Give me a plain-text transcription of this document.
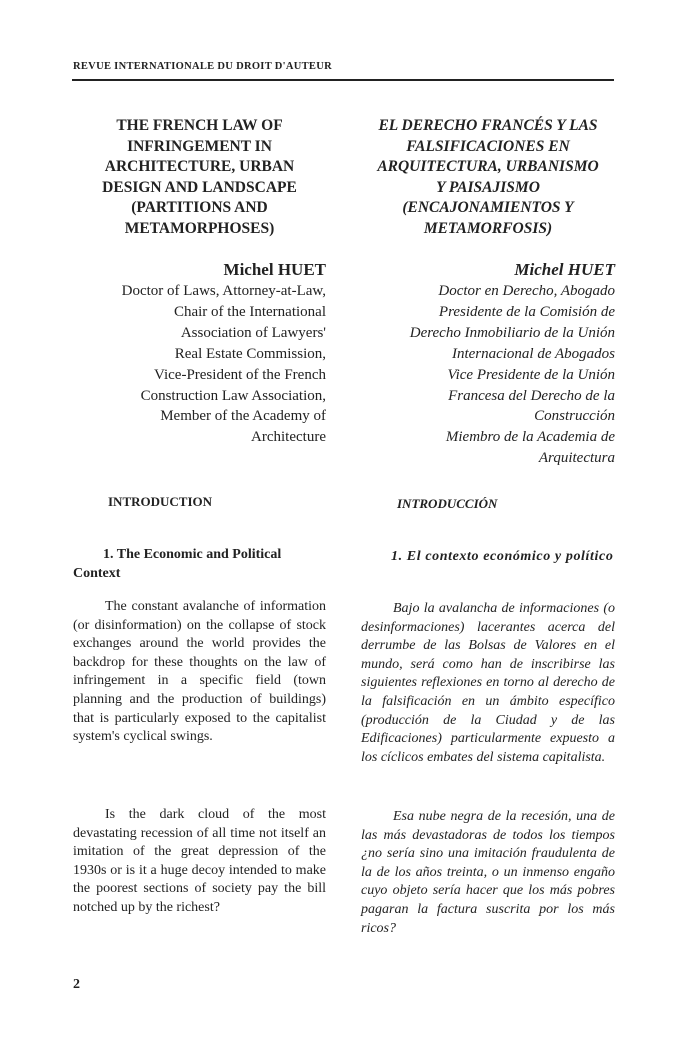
REVUE INTERNATIONALE DU DROIT D'AUTEUR
THE FRENCH LAW OF
INFRINGEMENT IN
ARCHITECTURE, URBAN
DESIGN AND LANDSCAPE
(PARTITIONS AND
METAMORPHOSES)
Michel HUET
Doctor of Laws, Attorney-at-Law,
Chair of the International
Association of Lawyers'
Real Estate Commission,
Vice-President of the French
Construction Law Association,
Member of the Academy of
Architecture
INTRODUCTION
1. The Economic and Political Context
The constant avalanche of information (or disinformation) on the collapse of stock exchanges around the world provides the backdrop for these thoughts on the law of infringement in a specific field (town planning and the production of buildings) that is particularly exposed to the capitalist system's cyclical swings.
Is the dark cloud of the most devastating recession of all time not itself an imitation of the great depression of the 1930s or is it a huge decoy intended to make the poorest sections of society pay the bill notched up by the richest?
EL DERECHO FRANCÉS Y LAS
FALSIFICACIONES EN
ARQUITECTURA, URBANISMO
Y PAISAJISMO
(ENCAJONAMIENTOS Y
METAMORFOSIS)
Michel HUET
Doctor en Derecho, Abogado
Presidente de la Comisión de
Derecho Inmobiliario de la Unión
Internacional de Abogados
Vice Presidente de la Unión
Francesa del Derecho de la
Construcción
Miembro de la Academia de
Arquitectura
INTRODUCCIÓN
1. El contexto económico y político
Bajo la avalancha de informaciones (o desinformaciones) lacerantes acerca del derrumbe de las Bolsas de Valores en el mundo, será como han de inscribirse las siguientes reflexiones en torno al derecho de la falsificación en un ámbito específico (producción de la Ciudad y de las Edificaciones) particularmente expuesto a los cíclicos embates del sistema capitalista.
Esa nube negra de la recesión, una de las más devastadoras de todos los tiempos ¿no sería sino una imitación fraudulenta de la de los años treinta, o un inmenso engaño cuyo objeto sería hacer que los más pobres pagaran la factura suscrita por los más ricos?
2
